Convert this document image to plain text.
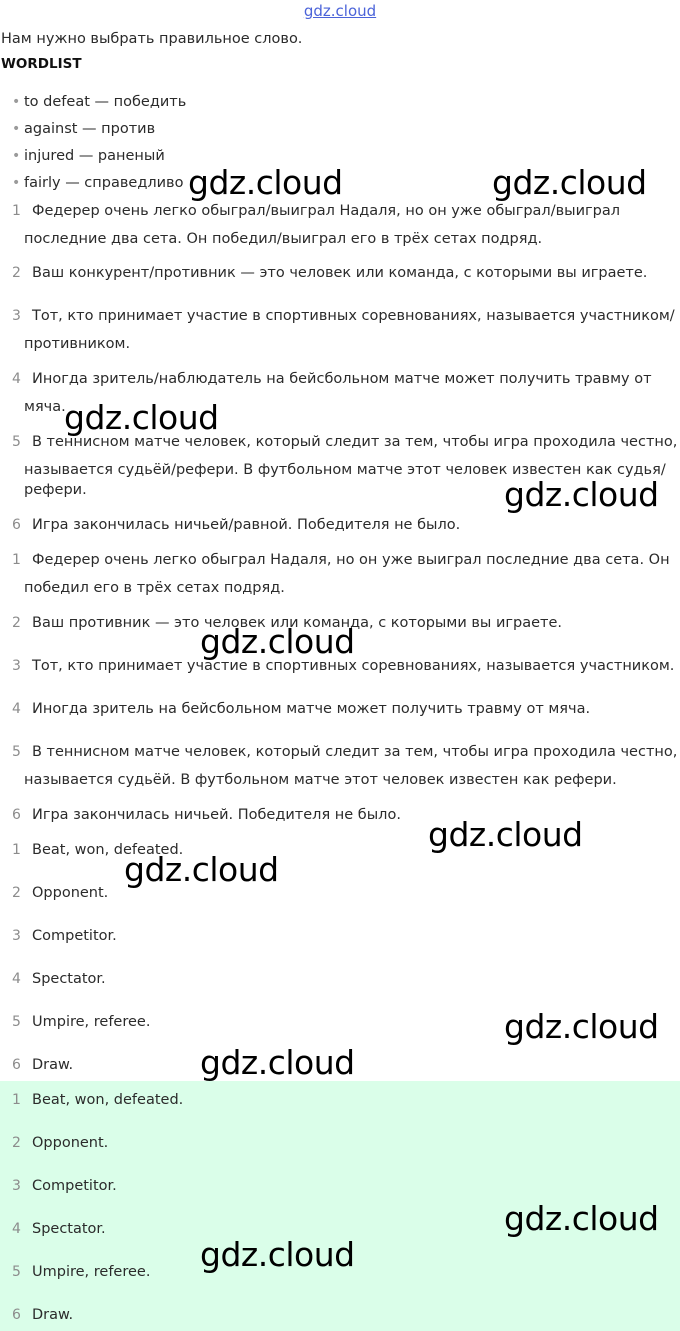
gdz.cloud
Нам нужно выбрать правильное слово.
WORDLIST
• to defeat — победить
• against — против
• injured — раненый
• fairly — справедливо
1 Федерер очень легко обыграл/выиграл Надаля, но он уже обыграл/выиграл
последние два сета. Он победил/выиграл его в трёх сетах подряд.
2 Ваш конкурент/противник — это человек или команда, с которыми вы играете.
3 Тот, кто принимает участие в спортивных соревнованиях, называется участником/
противником.
4 Иногда зритель/наблюдатель на бейсбольном матче может получить травму от
мяча.
5 В теннисном матче человек, который следит за тем, чтобы игра проходила честно,
называется судьёй/рефери. В футбольном матче этот человек известен как судья/
рефери.
6 Игра закончилась ничьей/равной. Победителя не было.
1 Федерер очень легко обыграл Надаля, но он уже выиграл последние два сета. Он
победил его в трёх сетах подряд.
2 Ваш противник — это человек или команда, с которыми вы играете.
3 Тот, кто принимает участие в спортивных соревнованиях, называется участником.
4 Иногда зритель на бейсбольном матче может получить травму от мяча.
5 В теннисном матче человек, который следит за тем, чтобы игра проходила честно,
называется судьёй. В футбольном матче этот человек известен как рефери.
6 Игра закончилась ничьей. Победителя не было.
1 Beat, won, defeated.
2 Opponent.
3 Competitor.
4 Spectator.
5 Umpire, referee.
6 Draw.
1 Beat, won, defeated.
2 Opponent.
3 Competitor.
4 Spectator.
5 Umpire, referee.
6 Draw.
gdz.cloud	gdz.cloud
gdz.cloud
gdz.cloud
gdz.cloud
gdz.cloud
gdz.cloud
gdz.cloud
gdz.cloud
gdz.cloud
gdz.cloud
